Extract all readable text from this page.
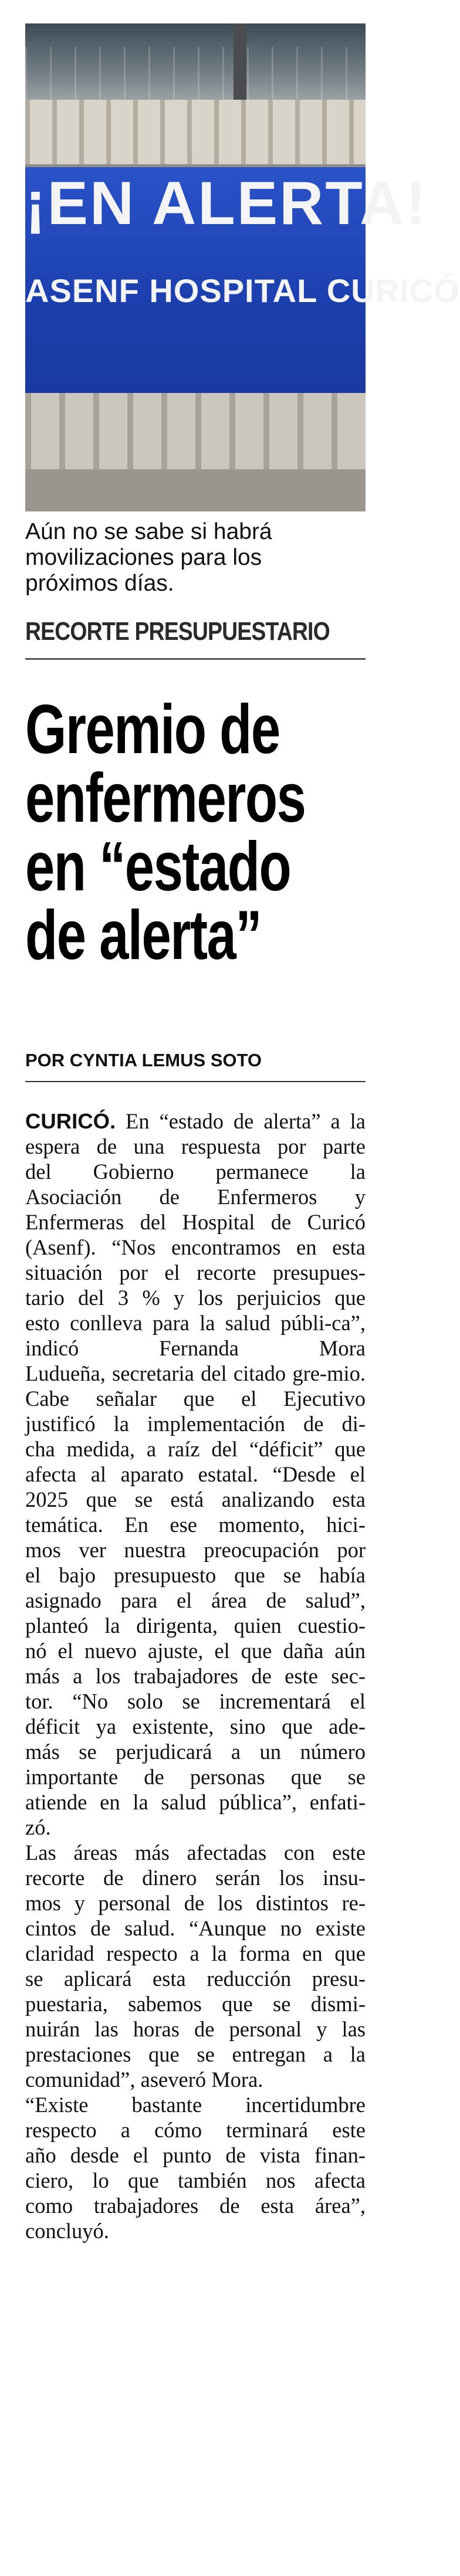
¡EN ALERTA!
ASENF HOSPITAL CURICÓ
Aún no se sabe si habrá
movilizaciones para los
próximos días.
RECORTE PRESUPUESTARIO
Gremio de
enfermeros
en “estado
de alerta”
POR CYNTIA LEMUS SOTO
CURICÓ. En “estado de alerta” a la
espera de una respuesta por parte
del Gobierno permanece la
Asociación de Enfermeros y
Enfermeras del Hospital de Curicó
(Asenf). “Nos encontramos en esta
situación por el recorte presupues-
tario del 3 % y los perjuicios que
esto conlleva para la salud públi-ca”,
indicó Fernanda Mora
Ludueña, secretaria del citado gre-mio.
Cabe señalar que el Ejecutivo
justificó la implementación de di-
cha medida, a raíz del “déficit” que
afecta al aparato estatal. “Desde el
2025 que se está analizando esta
temática. En ese momento, hici-
mos ver nuestra preocupación por
el bajo presupuesto que se había
asignado para el área de salud”,
planteó la dirigenta, quien cuestio-
nó el nuevo ajuste, el que daña aún
más a los trabajadores de este sec-
tor. “No solo se incrementará el
déficit ya existente, sino que ade-
más se perjudicará a un número
importante de personas que se
atiende en la salud pública”, enfati-
zó.
Las áreas más afectadas con este
recorte de dinero serán los insu-
mos y personal de los distintos re-
cintos de salud. “Aunque no existe
claridad respecto a la forma en que
se aplicará esta reducción presu-
puestaria, sabemos que se dismi-
nuirán las horas de personal y las
prestaciones que se entregan a la
comunidad”, aseveró Mora.
“Existe bastante incertidumbre
respecto a cómo terminará este
año desde el punto de vista finan-
ciero, lo que también nos afecta
como trabajadores de esta área”,
concluyó.
